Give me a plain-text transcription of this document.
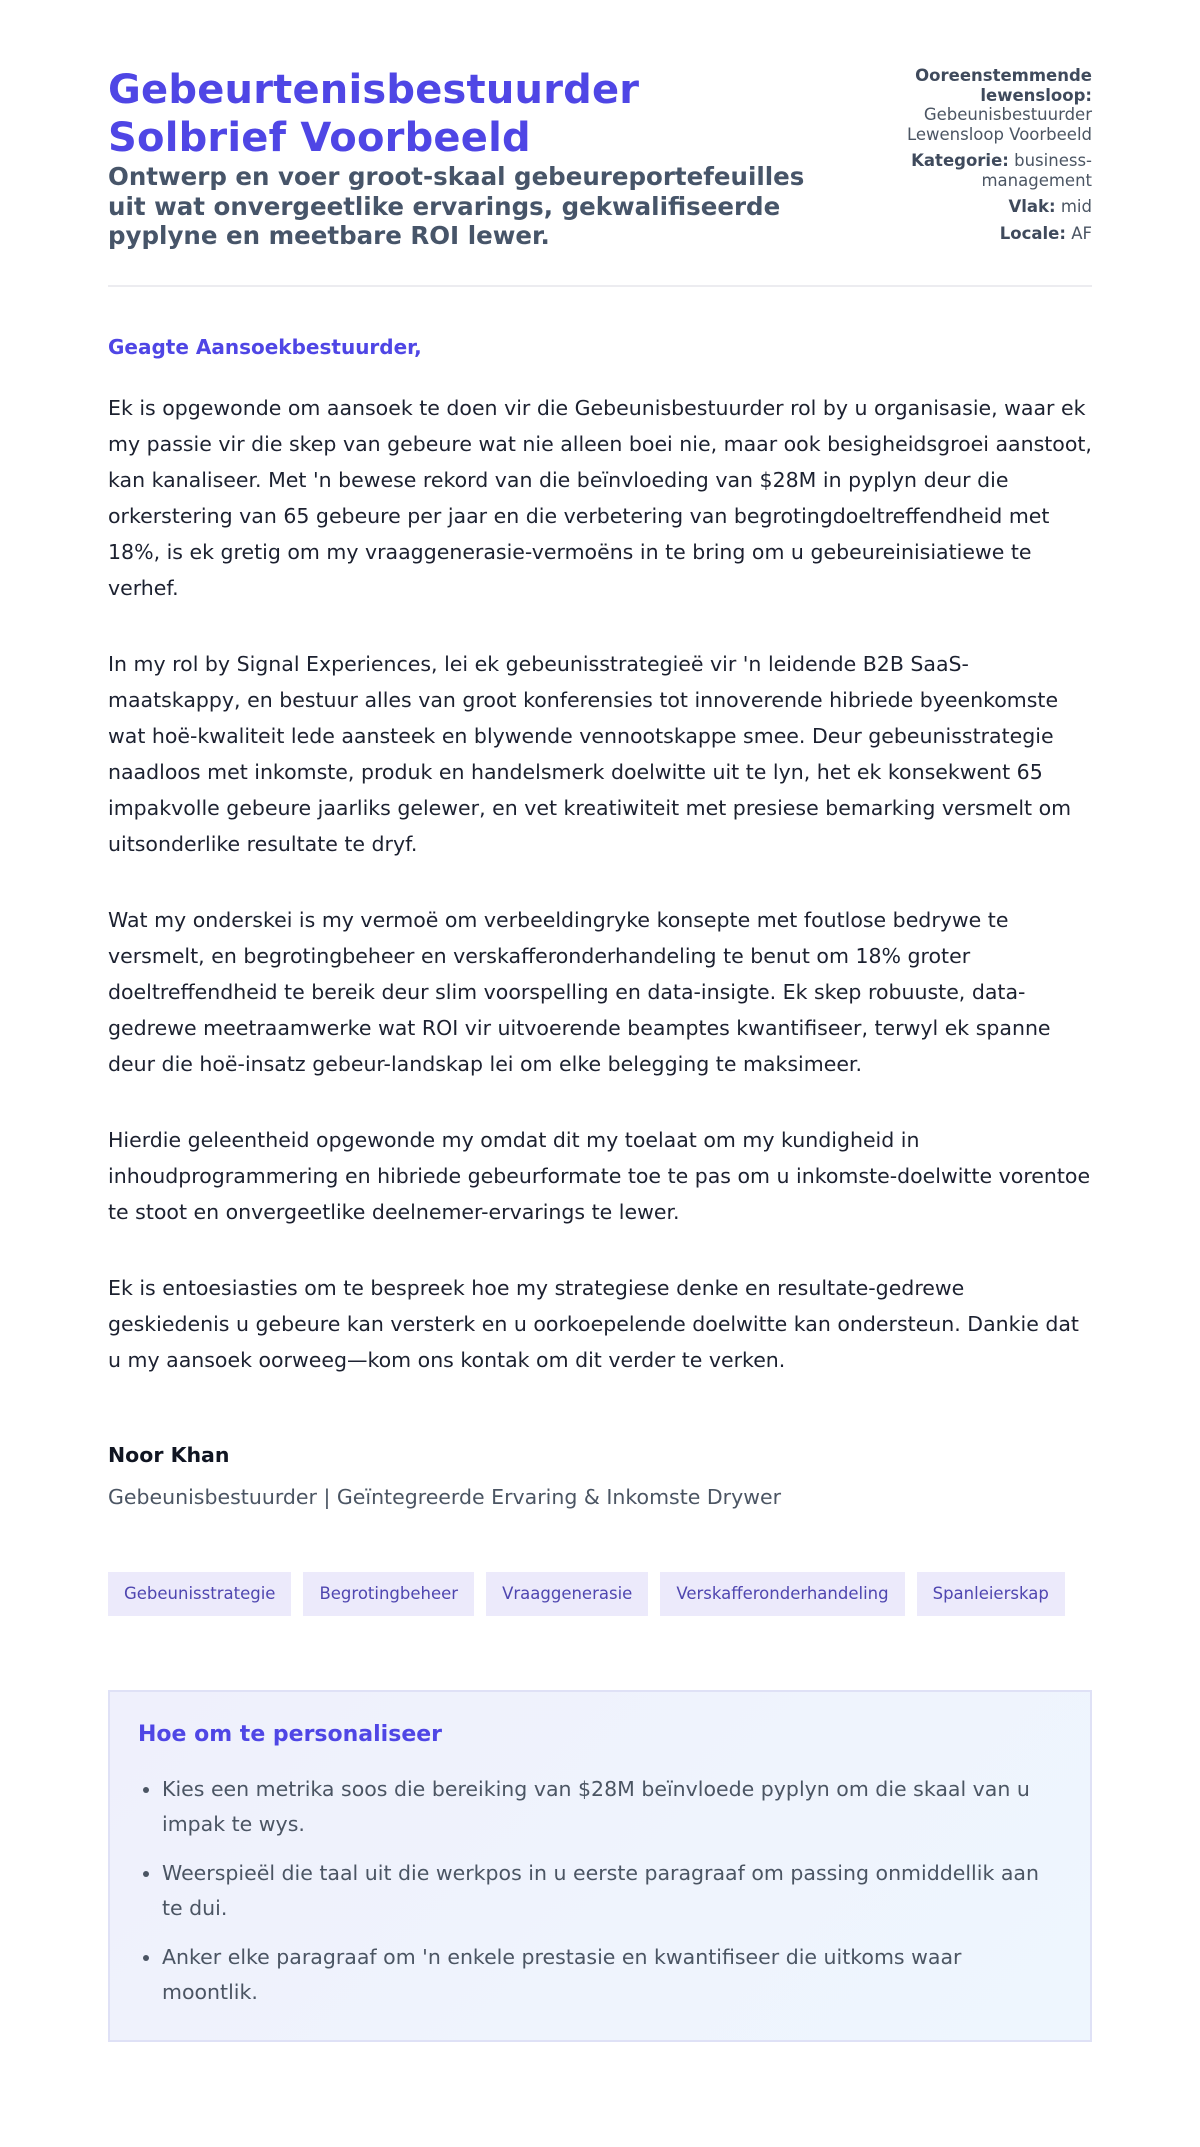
Gebeurtenisbestuurder
Solbrief Voorbeeld

Ontwerp en voer groot-skaal gebeureportefeuilles uit wat onvergeetlike ervarings, gekwalifiseerde pyplyne en meetbare ROI lewer.

Ooreenstemmende lewensloop: Gebeunisbestuurder Lewensloop Voorbeeld
Kategorie: business-management
Vlak: mid
Locale: AF
Geagte Aansoekbestuurder,

Ek is opgewonde om aansoek te doen vir die Gebeunisbestuurder rol by u organisasie, waar ek my passie vir die skep van gebeure wat nie alleen boei nie, maar ook besigheidsgroei aanstoot, kan kanaliseer. Met 'n bewese rekord van die beïnvloeding van $28M in pyplyn deur die orkerstering van 65 gebeure per jaar en die verbetering van begrotingdoeltreffendheid met 18%, is ek gretig om my vraaggenerasie-vermoëns in te bring om u gebeureinisiatiewe te verhef.

In my rol by Signal Experiences, lei ek gebeunisstrategieë vir 'n leidende B2B SaaS-maatskappy, en bestuur alles van groot konferensies tot innoverende hibriede byeenkomste wat hoë-kwaliteit lede aansteek en blywende vennootskappe smee. Deur gebeunisstrategie naadloos met inkomste, produk en handelsmerk doelwitte uit te lyn, het ek konsekwent 65 impakvolle gebeure jaarliks gelewer, en vet kreatiwiteit met presiese bemarking versmelt om uitsonderlike resultate te dryf.

Wat my onderskei is my vermoë om verbeeldingryke konsepte met foutlose bedrywe te versmelt, en begrotingbeheer en verskafferonderhandeling te benut om 18% groter doeltreffendheid te bereik deur slim voorspelling en data-insigte. Ek skep robuuste, data-gedrewe meetraamwerke wat ROI vir uitvoerende beamptes kwantifiseer, terwyl ek spanne deur die hoë-insatz gebeur-landskap lei om elke belegging te maksimeer.

Hierdie geleentheid opgewonde my omdat dit my toelaat om my kundigheid in inhoudprogrammering en hibriede gebeurformate toe te pas om u inkomste-doelwitte vorentoe te stoot en onvergeetlike deelnemer-ervarings te lewer.

Ek is entoesiasties om te bespreek hoe my strategiese denke en resultate-gedrewe geskiedenis u gebeure kan versterk en u oorkoepelende doelwitte kan ondersteun. Dankie dat u my aansoek oorweeg—kom ons kontak om dit verder te verken.

Noor Khan
Gebeunisbestuurder | Geïntegreerde Ervaring & Inkomste Drywer
Gebeunisstrategie	Begrotingbeheer	Vraaggenerasie	Verskafferonderhandeling	Spanleierskap
Hoe om te personaliseer
• Kies een metrika soos die bereiking van $28M beïnvloede pyplyn om die skaal van u impak te wys.
• Weerspieël die taal uit die werkpos in u eerste paragraaf om passing onmiddellik aan te dui.
• Anker elke paragraaf om 'n enkele prestasie en kwantifiseer die uitkoms waar moontlik.
